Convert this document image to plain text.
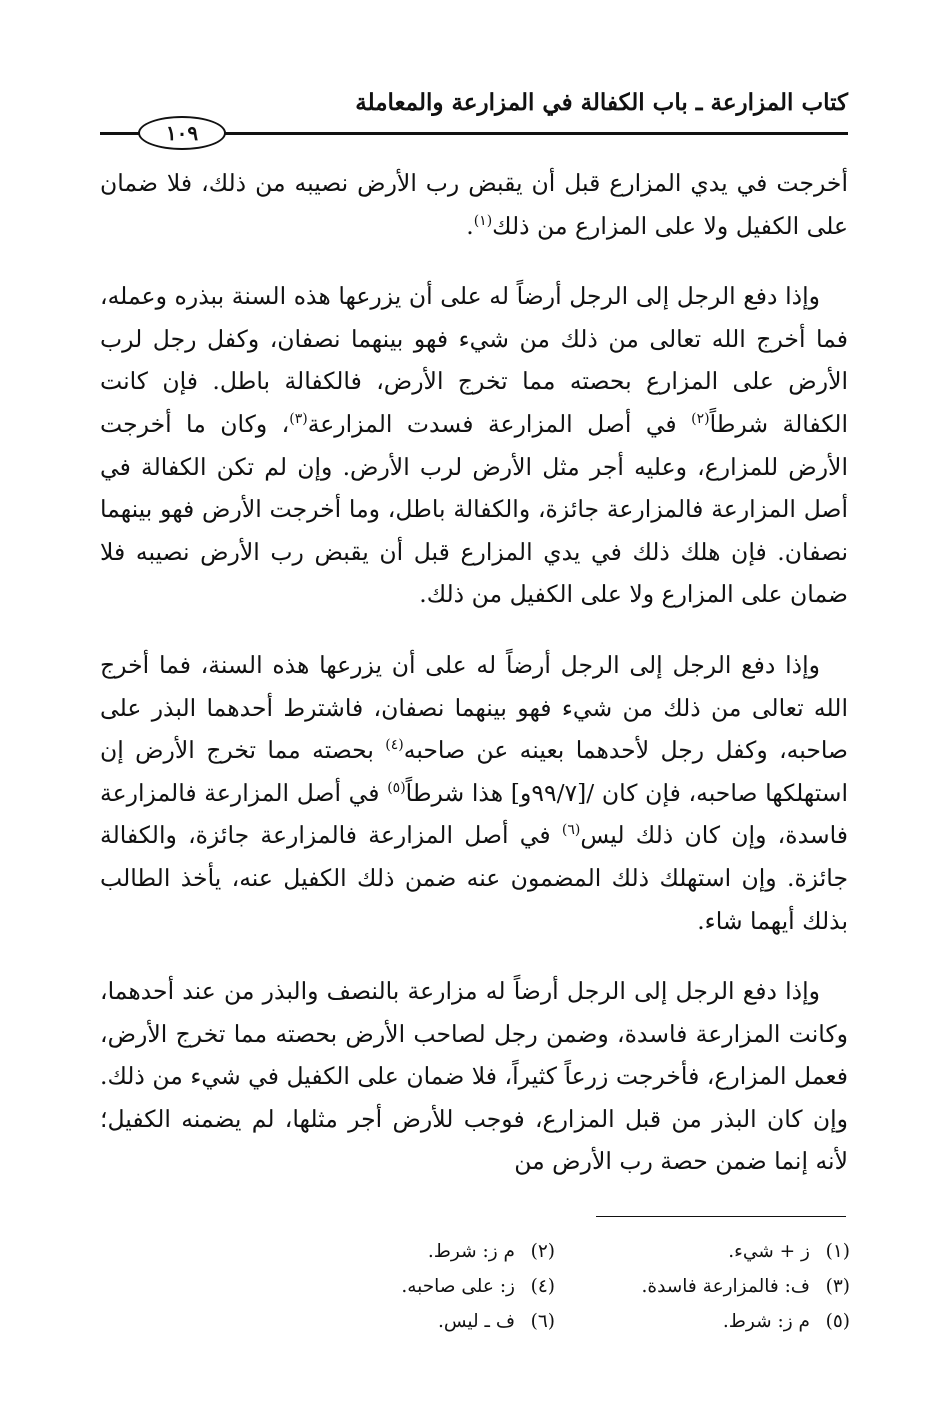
كتاب المزارعة ـ باب الكفالة في المزارعة والمعاملة
١٠٩

أخرجت في يدي المزارع قبل أن يقبض رب الأرض نصيبه من ذلك، فلا ضمان على الكفيل ولا على المزارع من ذلك$^{(١)}$.

وإذا دفع الرجل إلى الرجل أرضاً له على أن يزرعها هذه السنة ببذره وعمله، فما أخرج الله تعالى من ذلك من شيء فهو بينهما نصفان، وكفل رجل لرب الأرض على المزارع بحصته مما تخرج الأرض، فالكفالة باطل. فإن كانت الكفالة شرطاً$^{(٢)}$ في أصل المزارعة فسدت المزارعة$^{(٣)}$، وكان ما أخرجت الأرض للمزارع، وعليه أجر مثل الأرض لرب الأرض. وإن لم تكن الكفالة في أصل المزارعة فالمزارعة جائزة، والكفالة باطل، وما أخرجت الأرض فهو بينهما نصفان. فإن هلك ذلك في يدي المزارع قبل أن يقبض رب الأرض نصيبه فلا ضمان على المزارع ولا على الكفيل من ذلك.

وإذا دفع الرجل إلى الرجل أرضاً له على أن يزرعها هذه السنة، فما أخرج الله تعالى من ذلك من شيء فهو بينهما نصفان، فاشترط أحدهما البذر على صاحبه، وكفل رجل لأحدهما بعينه عن صاحبه$^{(٤)}$ بحصته مما تخرج الأرض إن استهلكها صاحبه، فإن كان /[٩٩/٧و] هذا شرطاً$^{(٥)}$ في أصل المزارعة فالمزارعة فاسدة، وإن كان ذلك ليس$^{(٦)}$ في أصل المزارعة فالمزارعة جائزة، والكفالة جائزة. وإن استهلك ذلك المضمون عنه ضمن ذلك الكفيل عنه، يأخذ الطالب بذلك أيهما شاء.

وإذا دفع الرجل إلى الرجل أرضاً له مزارعة بالنصف والبذر من عند أحدهما، وكانت المزارعة فاسدة، وضمن رجل لصاحب الأرض بحصته مما تخرج الأرض، فعمل المزارع، فأخرجت زرعاً كثيراً، فلا ضمان على الكفيل في شيء من ذلك. وإن كان البذر من قبل المزارع، فوجب للأرض أجر مثلها، لم يضمنه الكفيل؛ لأنه إنما ضمن حصة رب الأرض من

(١)ز + شيء.
(٢)م ز: شرط.
(٣)ف: فالمزارعة فاسدة.
(٤)ز: على صاحبه.
(٥)م ز: شرط.
(٦)ف ـ ليس.
